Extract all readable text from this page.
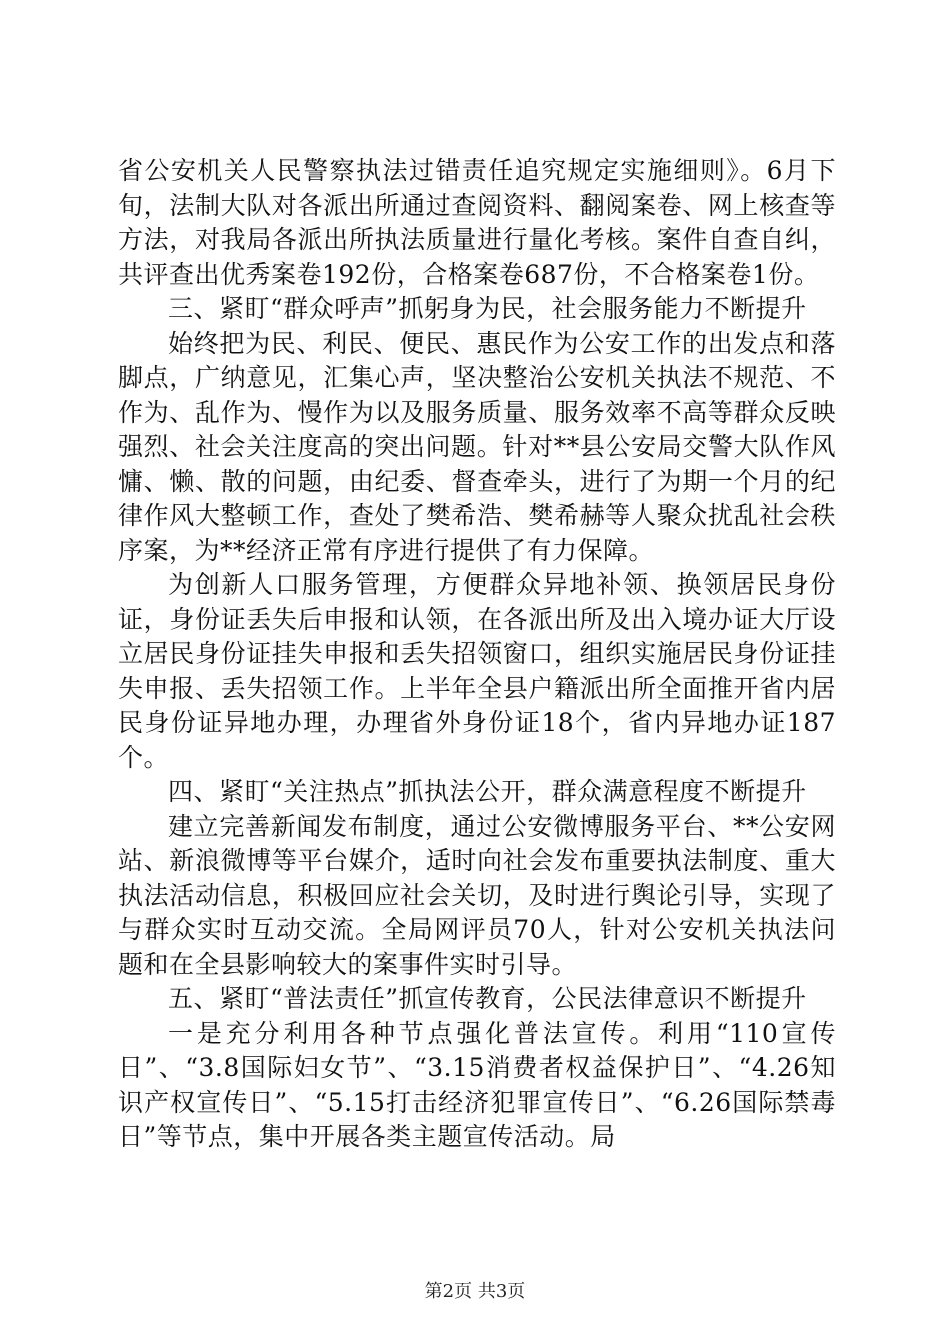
省公安机关人民警察执法过错责任追究规定实施细则》。6月下旬，法制大队对各派出所通过查阅资料、翻阅案卷、网上核查等方法，对我局各派出所执法质量进行量化考核。案件自查自纠，共评查出优秀案卷192份，合格案卷687份，不合格案卷1份。

三、紧盯“群众呼声”抓躬身为民，社会服务能力不断提升

始终把为民、利民、便民、惠民作为公安工作的出发点和落脚点，广纳意见，汇集心声，坚决整治公安机关执法不规范、不作为、乱作为、慢作为以及服务质量、服务效率不高等群众反映强烈、社会关注度高的突出问题。针对**县公安局交警大队作风慵、懒、散的问题，由纪委、督查牵头，进行了为期一个月的纪律作风大整顿工作，查处了樊希浩、樊希赫等人聚众扰乱社会秩序案，为**经济正常有序进行提供了有力保障。

为创新人口服务管理，方便群众异地补领、换领居民身份证，身份证丢失后申报和认领，在各派出所及出入境办证大厅设立居民身份证挂失申报和丢失招领窗口，组织实施居民身份证挂失申报、丢失招领工作。上半年全县户籍派出所全面推开省内居民身份证异地办理，办理省外身份证18个，省内异地办证187个。

四、紧盯“关注热点”抓执法公开，群众满意程度不断提升

建立完善新闻发布制度，通过公安微博服务平台、**公安网站、新浪微博等平台媒介，适时向社会发布重要执法制度、重大执法活动信息，积极回应社会关切，及时进行舆论引导，实现了与群众实时互动交流。全局网评员70人，针对公安机关执法问题和在全县影响较大的案事件实时引导。

五、紧盯“普法责任”抓宣传教育，公民法律意识不断提升

一是充分利用各种节点强化普法宣传。利用“110宣传日”、“3.8国际妇女节”、“3.15消费者权益保护日”、“4.26知识产权宣传日”、“5.15打击经济犯罪宣传日”、“6.26国际禁毒日”等节点，集中开展各类主题宣传活动。局

第2页 共3页
